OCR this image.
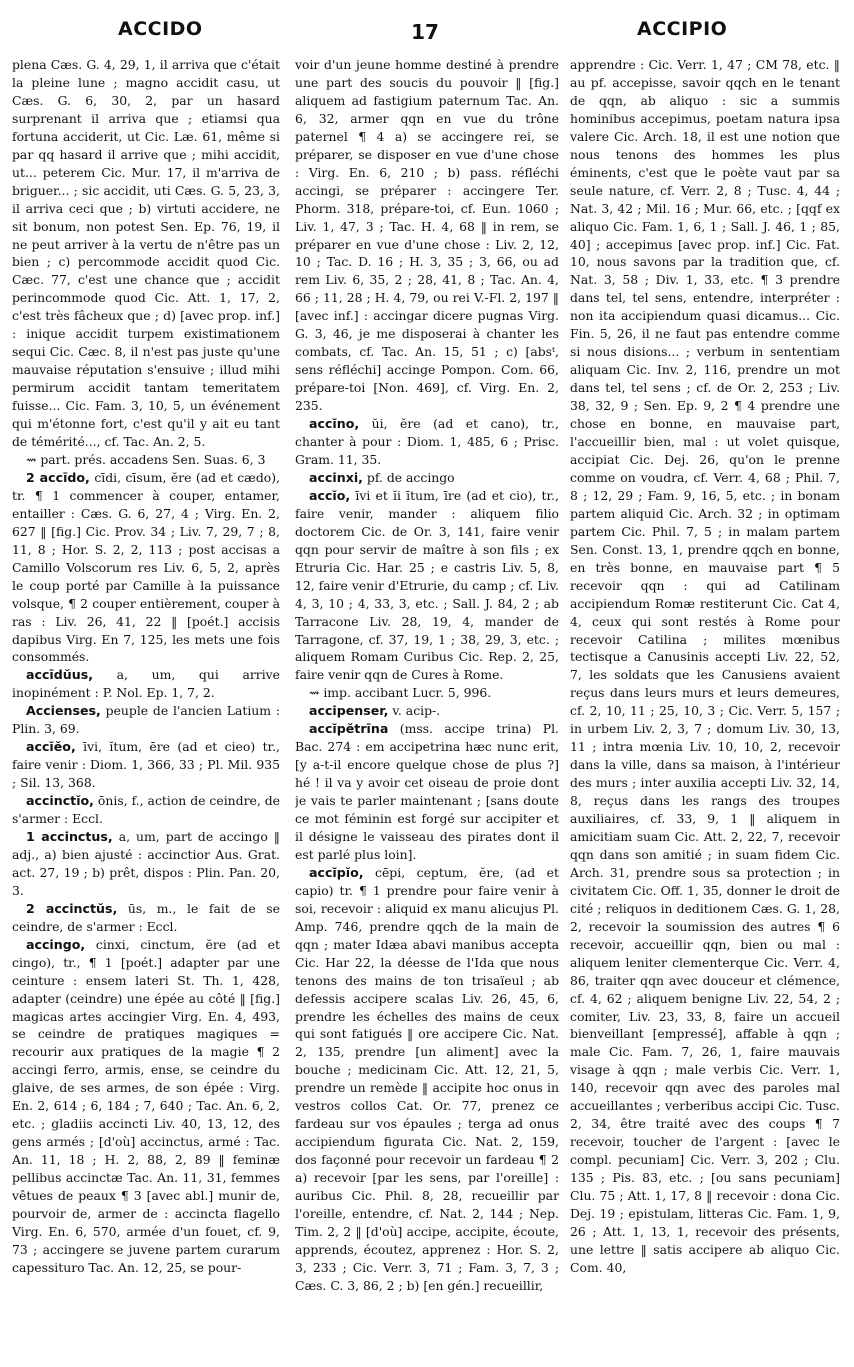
ACCIDO	17	ACCIPIO

plena Cæs. G. 4, 29, 1, il arriva que c'était la pleine lune ; magno accidit casu, ut Cæs. G. 6, 30, 2, par un hasard surprenant il arriva que ; etiamsi qua fortuna acciderit, ut Cic. Læ. 61, même si par qq hasard il arrive que ; mihi accidit, ut... peterem Cic. Mur. 17, il m'arriva de briguer... ; sic accidit, uti Cæs. G. 5, 23, 3, il arriva ceci que ; b) virtuti accidere, ne sit bonum, non potest Sen. Ep. 76, 19, il ne peut arriver à la vertu de n'être pas un bien ; c) percommode accidit quod Cic. Cæc. 77, c'est une chance que ; accidit perincommode quod Cic. Att. 1, 17, 2, c'est très fâcheux que ; d) [avec prop. inf.] : inique accidit turpem existimationem sequi Cic. Cæc. 8, il n'est pas juste qu'une mauvaise réputation s'ensuive ; illud mihi permirum accidit tantam temeritatem fuisse... Cic. Fam. 3, 10, 5, un événement qui m'étonne fort, c'est qu'il y ait eu tant de témérité..., cf. Tac. An. 2, 5.

⇝ part. prés. accadens Sen. Suas. 6, 3

2 accīdo, cīdi, cīsum, ĕre (ad et cædo), tr. ¶ 1 commencer à couper, entamer, entailler : Cæs. G. 6, 27, 4 ; Virg. En. 2, 627 ‖ [fig.] Cic. Prov. 34 ; Liv. 7, 29, 7 ; 8, 11, 8 ; Hor. S. 2, 2, 113 ; post accisas a Camillo Volscorum res Liv. 6, 5, 2, après le coup porté par Camille à la puissance volsque, ¶ 2 couper entièrement, couper à ras : Liv. 26, 41, 22 ‖ [poét.] accisis dapibus Virg. En 7, 125, les mets une fois consommés.

accīdŭus, a, um, qui arrive inopinément : P. Nol. Ep. 1, 7, 2.

Accienses, peuple de l'ancien Latium : Plin. 3, 69.

accĭĕo, īvi, ĭtum, ēre (ad et cieo) tr., faire venir : Diom. 1, 366, 33 ; Pl. Mil. 935 ; Sil. 13, 368.

accinctĭo, ōnis, f., action de ceindre, de s'armer : Eccl.

1 accinctus, a, um, part de accingo ‖ adj., a) bien ajusté : accinctior Aus. Grat. act. 27, 19 ; b) prêt, dispos : Plin. Pan. 20, 3.

2 accinctŭs, ūs, m., le fait de se ceindre, de s'armer : Eccl.

accingo, cinxi, cinctum, ĕre (ad et cingo), tr., ¶ 1 [poét.] adapter par une ceinture : ensem lateri St. Th. 1, 428, adapter (ceindre) une épée au côté ‖ [fig.] magicas artes accingier Virg. En. 4, 493, se ceindre de pratiques magiques = recourir aux pratiques de la magie ¶ 2 accingi ferro, armis, ense, se ceindre du glaive, de ses armes, de son épée : Virg. En. 2, 614 ; 6, 184 ; 7, 640 ; Tac. An. 6, 2, etc. ; gladiis accincti Liv. 40, 13, 12, des gens armés ; [d'où] accinctus, armé : Tac. An. 11, 18 ; H. 2, 88, 2, 89 ‖ feminæ pellibus accinctæ Tac. An. 11, 31, femmes vêtues de peaux ¶ 3 [avec abl.] munir de, pourvoir de, armer de : accincta flagello Virg. En. 6, 570, armée d'un fouet, cf. 9, 73 ; accingere se juvene partem curarum capessituro Tac. An. 12, 25, se pour-

voir d'un jeune homme destiné à prendre une part des soucis du pouvoir ‖ [fig.] aliquem ad fastigium paternum Tac. An. 6, 32, armer qqn en vue du trône paternel ¶ 4 a) se accingere rei, se préparer, se disposer en vue d'une chose : Virg. En. 6, 210 ; b) pass. réfléchi accingi, se préparer : accingere Ter. Phorm. 318, prépare-toi, cf. Eun. 1060 ; Liv. 1, 47, 3 ; Tac. H. 4, 68 ‖ in rem, se préparer en vue d'une chose : Liv. 2, 12, 10 ; Tac. D. 16 ; H. 3, 35 ; 3, 66, ou ad rem Liv. 6, 35, 2 ; 28, 41, 8 ; Tac. An. 4, 66 ; 11, 28 ; H. 4, 79, ou rei V.-Fl. 2, 197 ‖ [avec inf.] : accingar dicere pugnas Virg. G. 3, 46, je me disposerai à chanter les combats, cf. Tac. An. 15, 51 ; c) [absᵗ, sens réfléchi] accinge Pompon. Com. 66, prépare-toi [Non. 469], cf. Virg. En. 2, 235.

accĭno, ŭi, ĕre (ad et cano), tr., chanter à pour : Diom. 1, 485, 6 ; Prisc. Gram. 11, 35.

accinxi, pf. de accingo

accĭo, īvi et ĭi ītum, īre (ad et cio), tr., faire venir, mander : aliquem filio doctorem Cic. de Or. 3, 141, faire venir qqn pour servir de maître à son fils ; ex Etruria Cic. Har. 25 ; e castris Liv. 5, 8, 12, faire venir d'Etrurie, du camp ; cf. Liv. 4, 3, 10 ; 4, 33, 3, etc. ; Sall. J. 84, 2 ; ab Tarracone Liv. 28, 19, 4, mander de Tarragone, cf. 37, 19, 1 ; 38, 29, 3, etc. ; aliquem Romam Curibus Cic. Rep. 2, 25, faire venir qqn de Cures à Rome.

⇝ imp. accibant Lucr. 5, 996.

accipenser, v. acip-.

accĭpĕtrīna (mss. accipe trina) Pl. Bac. 274 : em accipetrina hæc nunc erit, [y a-t-il encore quelque chose de plus ?] hé ! il va y avoir cet oiseau de proie dont je vais te parler maintenant ; [sans doute ce mot féminin est forgé sur accipiter et il désigne le vaisseau des pirates dont il est parlé plus loin].

accĭpĭo, cēpi, ceptum, ĕre, (ad et capio) tr. ¶ 1 prendre pour faire venir à soi, recevoir : aliquid ex manu alicujus Pl. Amp. 746, prendre qqch de la main de qqn ; mater Idæa abavi manibus accepta Cic. Har 22, la déesse de l'Ida que nous tenons des mains de ton trisaïeul ; ab defessis accipere scalas Liv. 26, 45, 6, prendre les échelles des mains de ceux qui sont fatigués ‖ ore accipere Cic. Nat. 2, 135, prendre [un aliment] avec la bouche ; medicinam Cic. Att. 12, 21, 5, prendre un remède ‖ accipite hoc onus in vestros collos Cat. Or. 77, prenez ce fardeau sur vos épaules ; terga ad onus accipiendum figurata Cic. Nat. 2, 159, dos façonné pour recevoir un fardeau ¶ 2 a) recevoir [par les sens, par l'oreille] : auribus Cic. Phil. 8, 28, recueillir par l'oreille, entendre, cf. Nat. 2, 144 ; Nep. Tim. 2, 2 ‖ [d'où] accipe, accipite, écoute, apprends, écoutez, apprenez : Hor. S. 2, 3, 233 ; Cic. Verr. 3, 71 ; Fam. 3, 7, 3 ; Cæs. C. 3, 86, 2 ; b) [en gén.] recueillir,

apprendre : Cic. Verr. 1, 47 ; CM 78, etc. ‖ au pf. accepisse, savoir qqch en le tenant de qqn, ab aliquo : sic a summis hominibus accepimus, poetam natura ipsa valere Cic. Arch. 18, il est une notion que nous tenons des hommes les plus éminents, c'est que le poète vaut par sa seule nature, cf. Verr. 2, 8 ; Tusc. 4, 44 ; Nat. 3, 42 ; Mil. 16 ; Mur. 66, etc. ; [qqf ex aliquo Cic. Fam. 1, 6, 1 ; Sall. J. 46, 1 ; 85, 40] ; accepimus [avec prop. inf.] Cic. Fat. 10, nous savons par la tradition que, cf. Nat. 3, 58 ; Div. 1, 33, etc. ¶ 3 prendre dans tel, tel sens, entendre, interpréter : non ita accipiendum quasi dicamus... Cic. Fin. 5, 26, il ne faut pas entendre comme si nous disions... ; verbum in sententiam aliquam Cic. Inv. 2, 116, prendre un mot dans tel, tel sens ; cf. de Or. 2, 253 ; Liv. 38, 32, 9 ; Sen. Ep. 9, 2 ¶ 4 prendre une chose en bonne, en mauvaise part, l'accueillir bien, mal : ut volet quisque, accipiat Cic. Dej. 26, qu'on le prenne comme on voudra, cf. Verr. 4, 68 ; Phil. 7, 8 ; 12, 29 ; Fam. 9, 16, 5, etc. ; in bonam partem aliquid Cic. Arch. 32 ; in optimam partem Cic. Phil. 7, 5 ; in malam partem Sen. Const. 13, 1, prendre qqch en bonne, en très bonne, en mauvaise part ¶ 5 recevoir qqn : qui ad Catilinam accipiendum Romæ restiterunt Cic. Cat 4, 4, ceux qui sont restés à Rome pour recevoir Catilina ; milites mœnibus tectisque a Canusinis accepti Liv. 22, 52, 7, les soldats que les Canusiens avaient reçus dans leurs murs et leurs demeures, cf. 2, 10, 11 ; 25, 10, 3 ; Cic. Verr. 5, 157 ; in urbem Liv. 2, 3, 7 ; domum Liv. 30, 13, 11 ; intra mœnia Liv. 10, 10, 2, recevoir dans la ville, dans sa maison, à l'intérieur des murs ; inter auxilia accepti Liv. 32, 14, 8, reçus dans les rangs des troupes auxiliaires, cf. 33, 9, 1 ‖ aliquem in amicitiam suam Cic. Att. 2, 22, 7, recevoir qqn dans son amitié ; in suam fidem Cic. Arch. 31, prendre sous sa protection ; in civitatem Cic. Off. 1, 35, donner le droit de cité ; reliquos in deditionem Cæs. G. 1, 28, 2, recevoir la soumission des autres ¶ 6 recevoir, accueillir qqn, bien ou mal : aliquem leniter clementerque Cic. Verr. 4, 86, traiter qqn avec douceur et clémence, cf. 4, 62 ; aliquem benigne Liv. 22, 54, 2 ; comiter, Liv. 23, 33, 8, faire un accueil bienveillant [empressé], affable à qqn ; male Cic. Fam. 7, 26, 1, faire mauvais visage à qqn ; male verbis Cic. Verr. 1, 140, recevoir qqn avec des paroles mal accueillantes ; verberibus accipi Cic. Tusc. 2, 34, être traité avec des coups ¶ 7 recevoir, toucher de l'argent : [avec le compl. pecuniam] Cic. Verr. 3, 202 ; Clu. 135 ; Pis. 83, etc. ; [ou sans pecuniam] Clu. 75 ; Att. 1, 17, 8 ‖ recevoir : dona Cic. Dej. 19 ; epistulam, litteras Cic. Fam. 1, 9, 26 ; Att. 1, 13, 1, recevoir des présents, une lettre ‖ satis accipere ab aliquo Cic. Com. 40,
